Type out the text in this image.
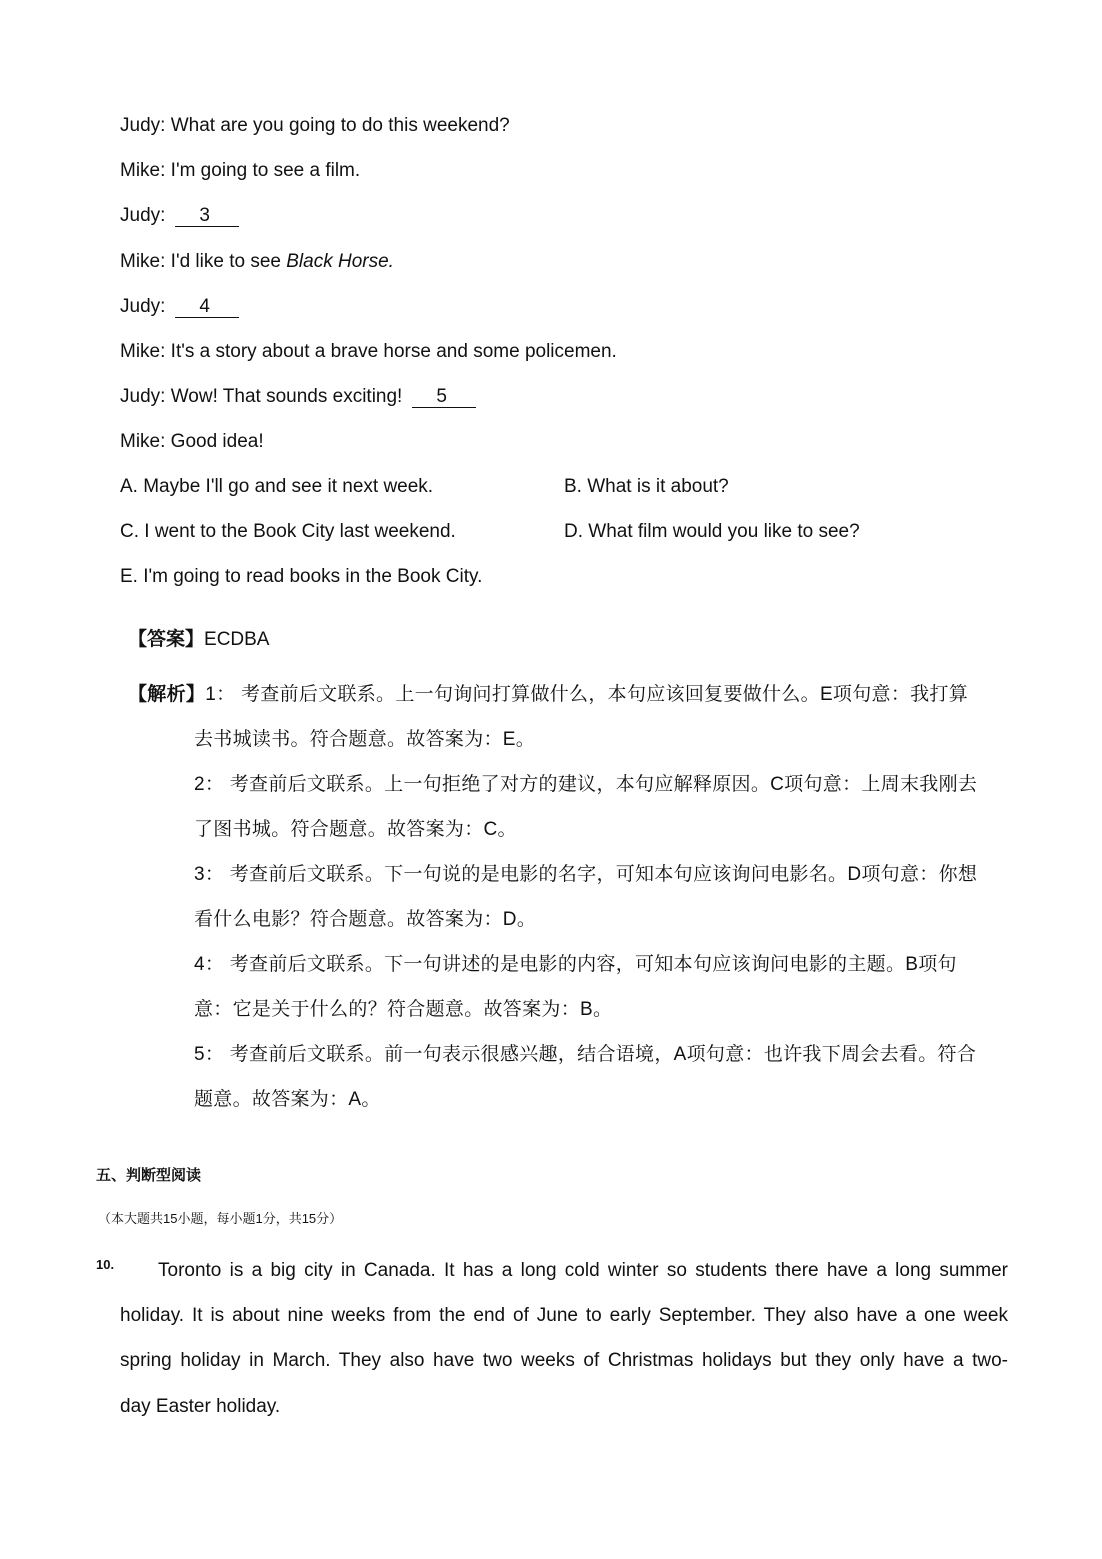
Judy: What are you going to do this weekend?
Mike: I'm going to see a film.
Judy: 3
Mike: I'd like to see Black Horse.
Judy: 4
Mike: It's a story about a brave horse and some policemen.
Judy: Wow! That sounds exciting! 5
Mike: Good idea!
A. Maybe I'll go and see it next week.	B. What is it about?
C. I went to the Book City last weekend.	D. What film would you like to see?
E. I'm going to read books in the Book City.
【答案】ECDBA
【解析】1： 考查前后文联系。上一句询问打算做什么，本句应该回复要做什么。E项句意：我打算
去书城读书。符合题意。故答案为：E。
2： 考查前后文联系。上一句拒绝了对方的建议，本句应解释原因。C项句意：上周末我刚去
了图书城。符合题意。故答案为：C。
3： 考查前后文联系。下一句说的是电影的名字，可知本句应该询问电影名。D项句意：你想
看什么电影？符合题意。故答案为：D。
4： 考查前后文联系。下一句讲述的是电影的内容，可知本句应该询问电影的主题。B项句
意：它是关于什么的？符合题意。故答案为：B。
5： 考查前后文联系。前一句表示很感兴趣，结合语境，A项句意：也许我下周会去看。符合
题意。故答案为：A。
五、判断型阅读
（本大题共15小题，每小题1分，共15分）
10. Toronto is a big city in Canada. It has a long cold winter so students there have a long summer
holiday. It is about nine weeks from the end of June to early September. They also have a one week
spring holiday in March. They also have two weeks of Christmas holidays but they only have a two-
day Easter holiday.
